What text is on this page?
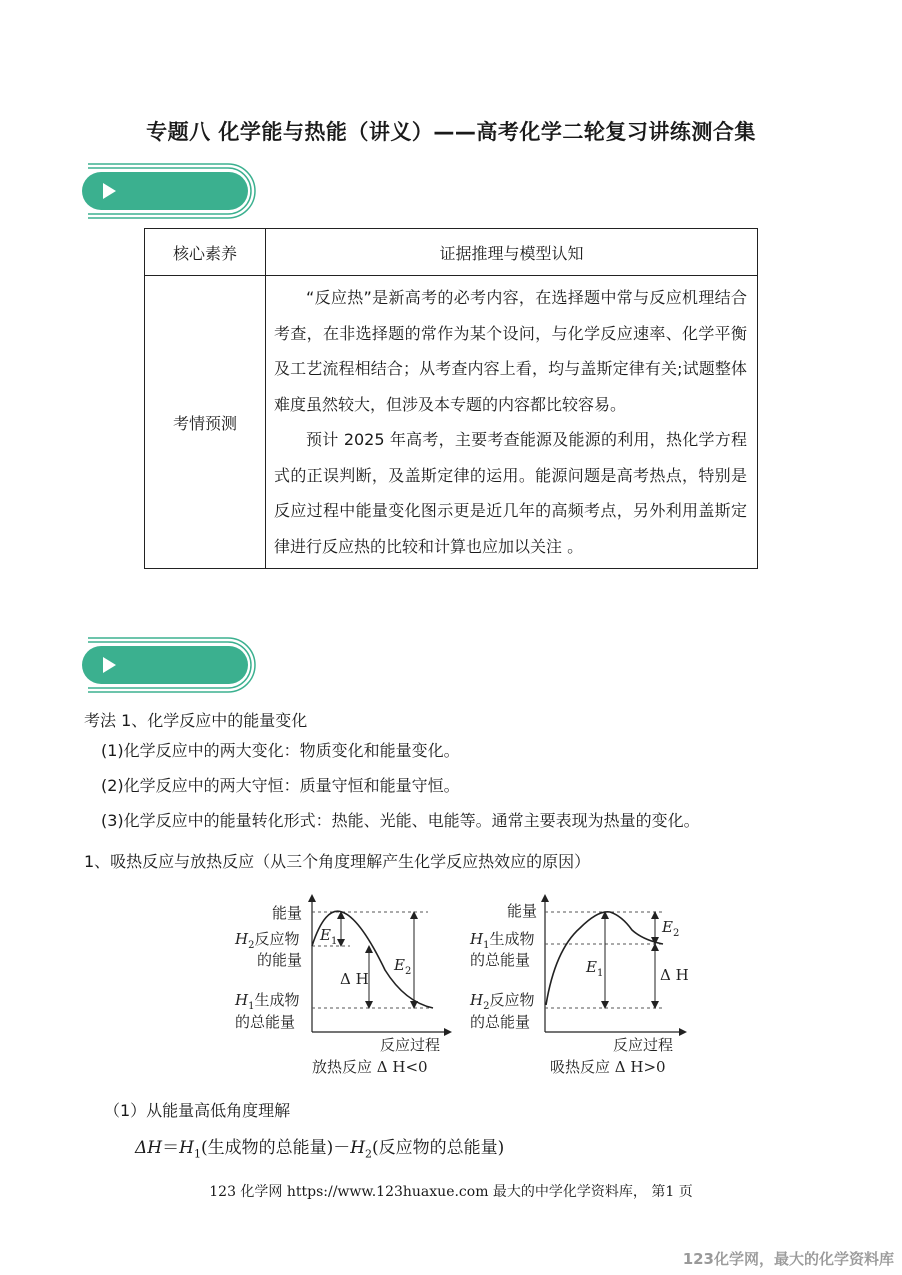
专题八 化学能与热能（讲义）——高考化学二轮复习讲练测合集
核心素养	证据推理与模型认知
考情预测	“反应热”是新高考的必考内容，在选择题中常与反应机理结合考查，在非选择题的常作为某个设问，与化学反应速率、化学平衡及工艺流程相结合；从考查内容上看，均与盖斯定律有关;试题整体难度虽然较大，但涉及本专题的内容都比较容易。

预计 2025 年高考，主要考查能源及能源的利用，热化学方程式的正误判断，及盖斯定律的运用。能源问题是高考热点，特别是反应过程中能量变化图示更是近几年的高频考点，另外利用盖斯定律进行反应热的比较和计算也应加以关注 。

考法 1、化学反应中的能量变化
(1)化学反应中的两大变化：物质变化和能量变化。
(2)化学反应中的两大守恒：质量守恒和能量守恒。
(3)化学反应中的能量转化形式：热能、光能、电能等。通常主要表现为热量的变化。
1、吸热反应与放热反应（从三个角度理解产生化学反应热效应的原因）
能量
$H_2$反应物
的能量
$H_1$生成物
的总能量
$E_1$
Δ H
$E_2$
反应过程
放热反应 Δ H<0
能量
$H_1$生成物
的总能量
$H_2$反应物
的总能量
$E_1$
$E_2$
Δ H
反应过程
吸热反应 Δ H>0
（1）从能量高低角度理解
$\Delta H=H_1$(生成物的总能量)$-H_2$(反应物的总能量)
123 化学网 https://www.123huaxue.com 最大的中学化学资料库， 第1 页
123化学网，最大的化学资料库
